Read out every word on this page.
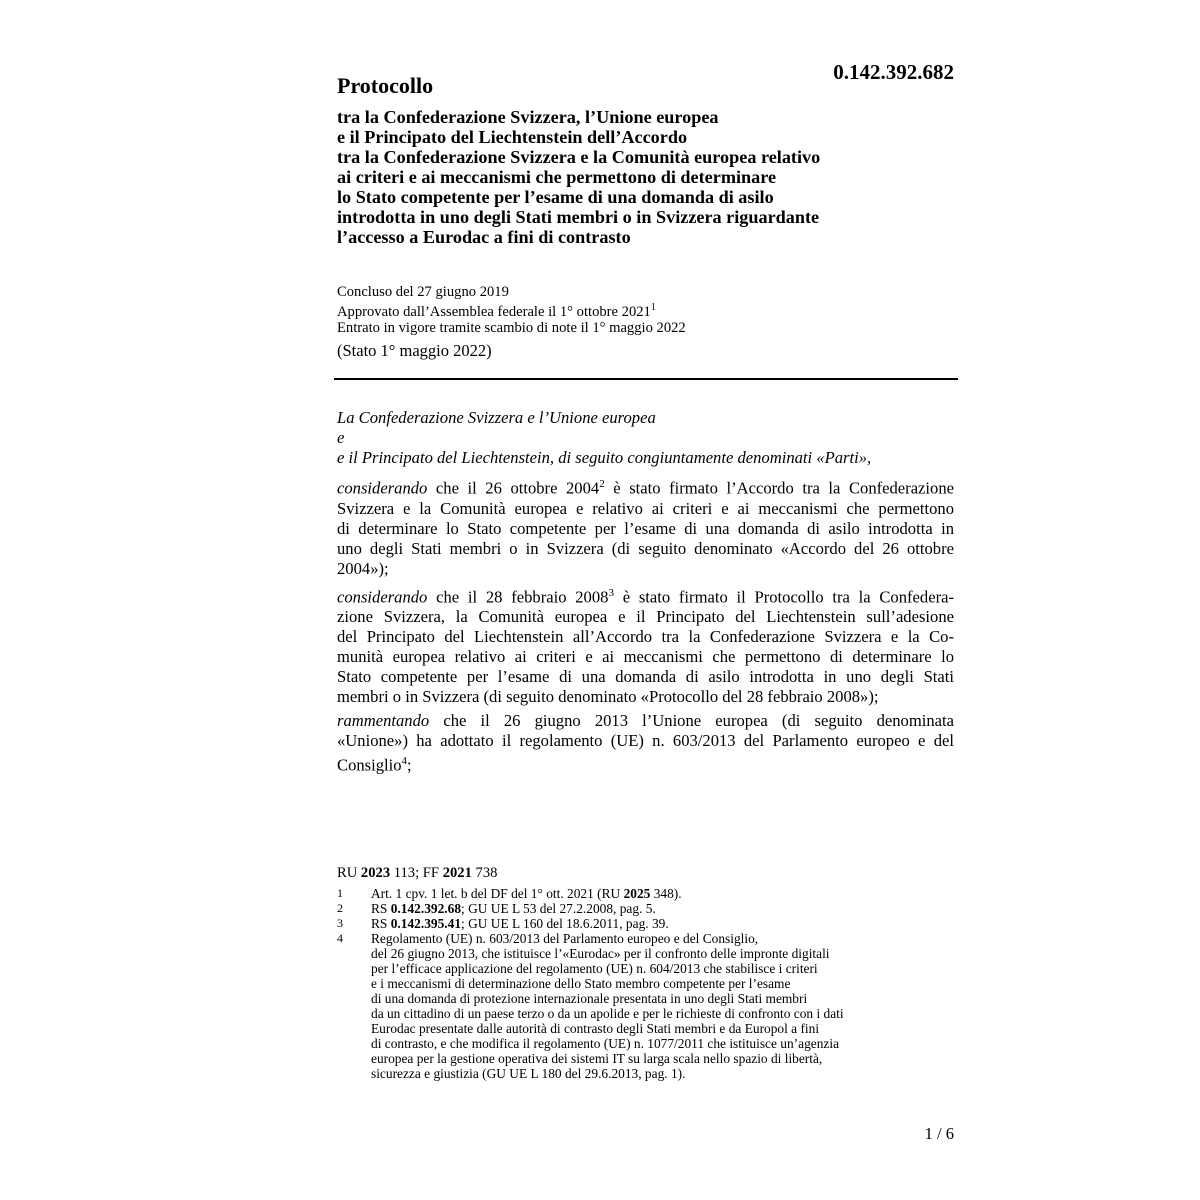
0.142.392.682
Protocollo
tra la Confederazione Svizzera, l’Unione europea
e il Principato del Liechtenstein dell’Accordo
tra la Confederazione Svizzera e la Comunità europea relativo
ai criteri e ai meccanismi che permettono di determinare
lo Stato competente per l’esame di una domanda di asilo
introdotta in uno degli Stati membri o in Svizzera riguardante
l’accesso a Eurodac a fini di contrasto
Concluso del 27 giugno 2019
Approvato dall’Assemblea federale il 1° ottobre 2021$^1$
Entrato in vigore tramite scambio di note il 1° maggio 2022
(Stato 1° maggio 2022)

La Confederazione Svizzera e l’Unione europea
e
e il Principato del Liechtenstein, di seguito congiuntamente denominati «Parti»,

considerando che il 26 ottobre 2004$^2$ è stato firmato l’Accordo tra la Confederazione
Svizzera e la Comunità europea e relativo ai criteri e ai meccanismi che permettono
di determinare lo Stato competente per l’esame di una domanda di asilo introdotta in
uno degli Stati membri o in Svizzera (di seguito denominato «Accordo del 26 ottobre
2004»);

considerando che il 28 febbraio 2008$^3$ è stato firmato il Protocollo tra la Confedera-
zione Svizzera, la Comunità europea e il Principato del Liechtenstein sull’adesione
del Principato del Liechtenstein all’Accordo tra la Confederazione Svizzera e la Co-
munità europea relativo ai criteri e ai meccanismi che permettono di determinare lo
Stato competente per l’esame di una domanda di asilo introdotta in uno degli Stati
membri o in Svizzera (di seguito denominato «Protocollo del 28 febbraio 2008»);

rammentando che il 26 giugno 2013 l’Unione europea (di seguito denominata
«Unione») ha adottato il regolamento (UE) n. 603/2013 del Parlamento europeo e del
Consiglio$^4$;

RU 2023 113; FF 2021 738
1	Art. 1 cpv. 1 let. b del DF del 1° ott. 2021 (RU 2025 348).
2	RS 0.142.392.68; GU UE L 53 del 27.2.2008, pag. 5.
3	RS 0.142.395.41; GU UE L 160 del 18.6.2011, pag. 39.
4	Regolamento (UE) n. 603/2013 del Parlamento europeo e del Consiglio,
del 26 giugno 2013, che istituisce l’«Eurodac» per il confronto delle impronte digitali
per l’efficace applicazione del regolamento (UE) n. 604/2013 che stabilisce i criteri
e i meccanismi di determinazione dello Stato membro competente per l’esame
di una domanda di protezione internazionale presentata in uno degli Stati membri
da un cittadino di un paese terzo o da un apolide e per le richieste di confronto con i dati
Eurodac presentate dalle autorità di contrasto degli Stati membri e da Europol a fini
di contrasto, e che modifica il regolamento (UE) n. 1077/2011 che istituisce un’agenzia
europea per la gestione operativa dei sistemi IT su larga scala nello spazio di libertà,
sicurezza e giustizia (GU UE L 180 del 29.6.2013, pag. 1).
1 / 6
